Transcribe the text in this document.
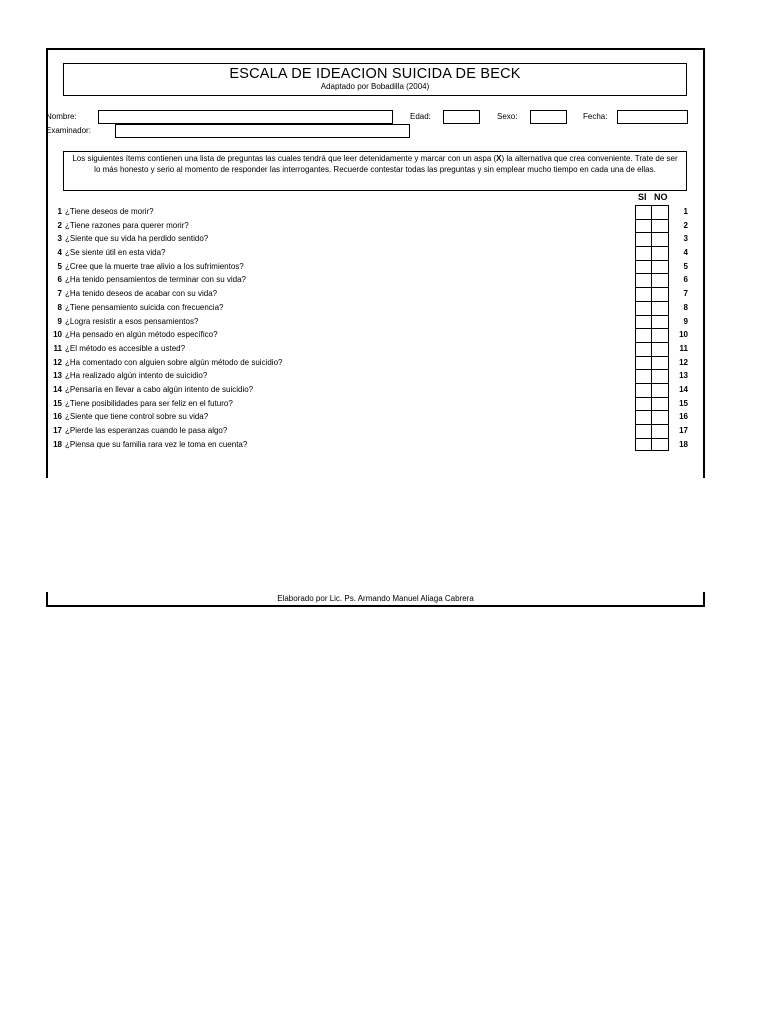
ESCALA DE IDEACION SUICIDA DE BECK
Adaptado por Bobadilla (2004)
Nombre:	Edad:	Sexo:	Fecha:
Examinador:
Los siguientes ítems contienen una lista de preguntas las cuales tendrá que leer detenidamente y marcar con un aspa (X) la alternativa que crea conveniente. Trate de ser lo más honesto y serio al momento de responder las interrogantes. Recuerde contestar todas las preguntas y sin emplear mucho tiempo en cada una de ellas.
SI NO
1 ¿Tiene deseos de morir?	1
2 ¿Tiene razones para querer morir?	2
3 ¿Siente que su vida ha perdido sentido?	3
4 ¿Se siente útil en esta vida?	4
5 ¿Cree que la muerte trae alivio a los sufrimientos?	5
6 ¿Ha tenido pensamientos de terminar con su vida?	6
7 ¿Ha tenido deseos de acabar con su vida?	7
8 ¿Tiene pensamiento suicida con frecuencia?	8
9 ¿Logra resistir a esos pensamientos?	9
10 ¿Ha pensado en algún método específico?	10
11 ¿El método es accesible a usted?	11
12 ¿Ha comentado con alguien sobre algún método de suicidio?	12
13 ¿Ha realizado algún intento de suicidio?	13
14 ¿Pensaría en llevar a cabo algún intento de suicidio?	14
15 ¿Tiene posibilidades para ser feliz en el futuro?	15
16 ¿Siente que tiene control sobre su vida?	16
17 ¿Pierde las esperanzas cuando le pasa algo?	17
18 ¿Piensa que su familia rara vez le toma en cuenta?	18
Elaborado por Lic. Ps. Armando Manuel Aliaga Cabrera
